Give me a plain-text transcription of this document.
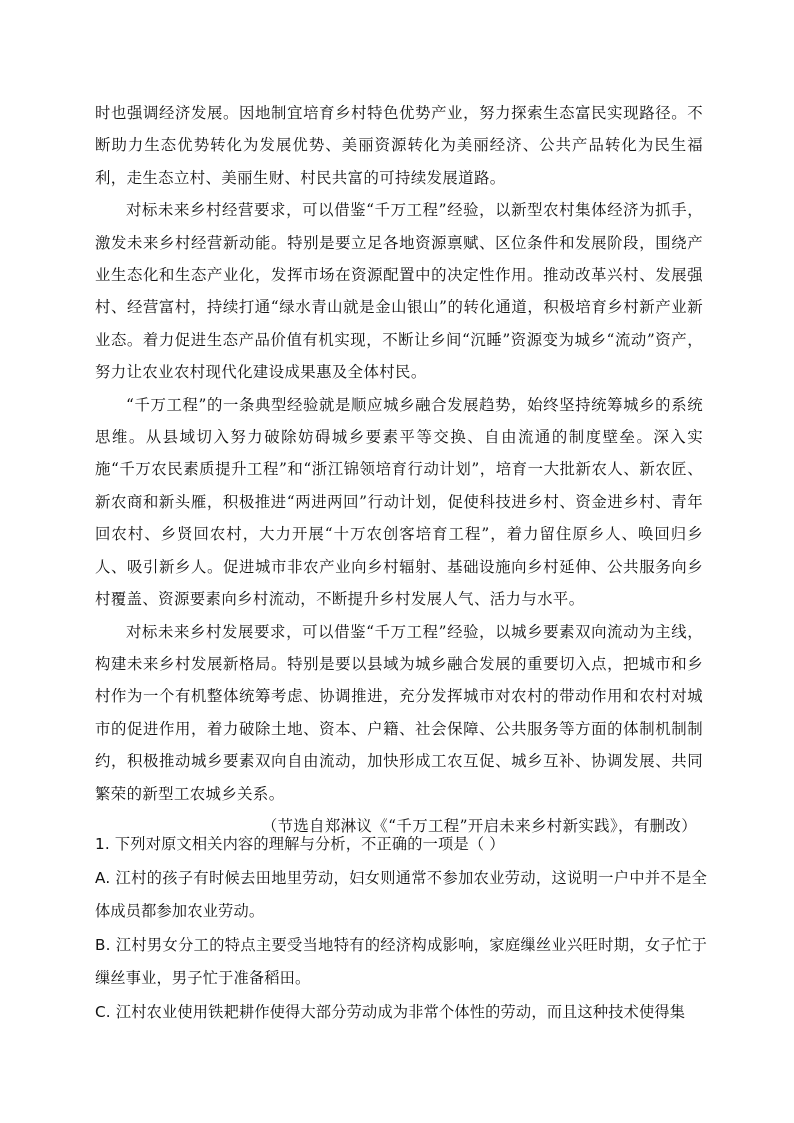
时也强调经济发展。因地制宜培育乡村特色优势产业，努力探索生态富民实现路径。不断助力生态优势转化为发展优势、美丽资源转化为美丽经济、公共产品转化为民生福利，走生态立村、美丽生财、村民共富的可持续发展道路。

对标未来乡村经营要求，可以借鉴“千万工程”经验，以新型农村集体经济为抓手，激发未来乡村经营新动能。特别是要立足各地资源禀赋、区位条件和发展阶段，围绕产业生态化和生态产业化，发挥市场在资源配置中的决定性作用。推动改革兴村、发展强村、经营富村，持续打通“绿水青山就是金山银山”的转化通道，积极培育乡村新产业新业态。着力促进生态产品价值有机实现，不断让乡间“沉睡”资源变为城乡“流动”资产，努力让农业农村现代化建设成果惠及全体村民。

“千万工程”的一条典型经验就是顺应城乡融合发展趋势，始终坚持统筹城乡的系统思维。从县域切入努力破除妨碍城乡要素平等交换、自由流通的制度壁垒。深入实施“千万农民素质提升工程”和“浙江锦领培育行动计划”，培育一大批新农人、新农匠、新农商和新头雁，积极推进“两进两回”行动计划，促使科技进乡村、资金进乡村、青年回农村、乡贤回农村，大力开展“十万农创客培育工程”，着力留住原乡人、唤回归乡人、吸引新乡人。促进城市非农产业向乡村辐射、基础设施向乡村延伸、公共服务向乡村覆盖、资源要素向乡村流动，不断提升乡村发展人气、活力与水平。

对标未来乡村发展要求，可以借鉴“千万工程”经验，以城乡要素双向流动为主线，构建未来乡村发展新格局。特别是要以县域为城乡融合发展的重要切入点，把城市和乡村作为一个有机整体统筹考虑、协调推进，充分发挥城市对农村的带动作用和农村对城市的促进作用，着力破除土地、资本、户籍、社会保障、公共服务等方面的体制机制制约，积极推动城乡要素双向自由流动，加快形成工农互促、城乡互补、协调发展、共同繁荣的新型工农城乡关系。

（节选自郑淋议《“千万工程”开启未来乡村新实践》，有删改）

1. 下列对原文相关内容的理解与分析，不正确的一项是（ ）

A. 江村的孩子有时候去田地里劳动，妇女则通常不参加农业劳动，这说明一户中并不是全体成员都参加农业劳动。

B. 江村男女分工的特点主要受当地特有的经济构成影响，家庭缫丝业兴旺时期，女子忙于缫丝事业，男子忙于准备稻田。

C. 江村农业使用铁耙耕作使得大部分劳动成为非常个体性的劳动，而且这种技术使得集
